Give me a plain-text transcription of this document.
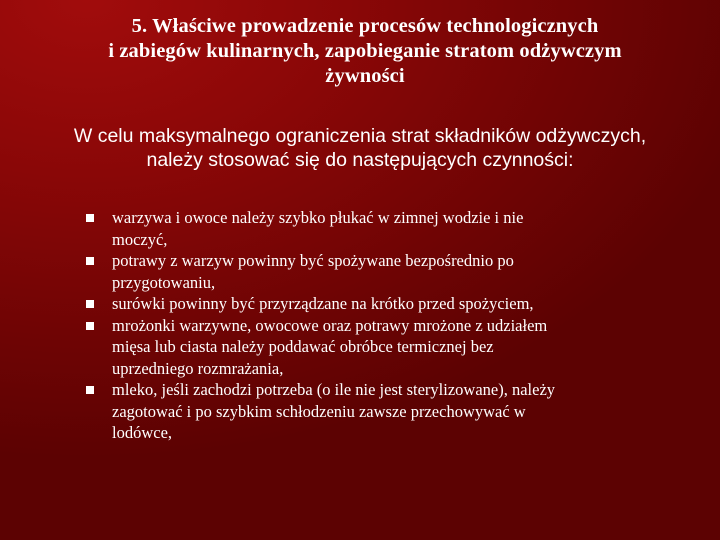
5. Właściwe prowadzenie procesów technologicznych
i zabiegów kulinarnych, zapobieganie stratom odżywczym
żywności
W celu maksymalnego ograniczenia strat składników odżywczych,
należy stosować się do następujących czynności:
warzywa i owoce należy szybko płukać w zimnej wodzie i nie
moczyć,
potrawy z warzyw powinny być spożywane bezpośrednio po
przygotowaniu,
surówki powinny być przyrządzane na krótko przed spożyciem,
mrożonki warzywne, owocowe oraz potrawy mrożone z udziałem
mięsa lub ciasta należy poddawać obróbce termicznej bez
uprzedniego rozmrażania,
mleko, jeśli zachodzi potrzeba (o ile nie jest sterylizowane), należy
zagotować i po szybkim schłodzeniu zawsze przechowywać w
lodówce,
